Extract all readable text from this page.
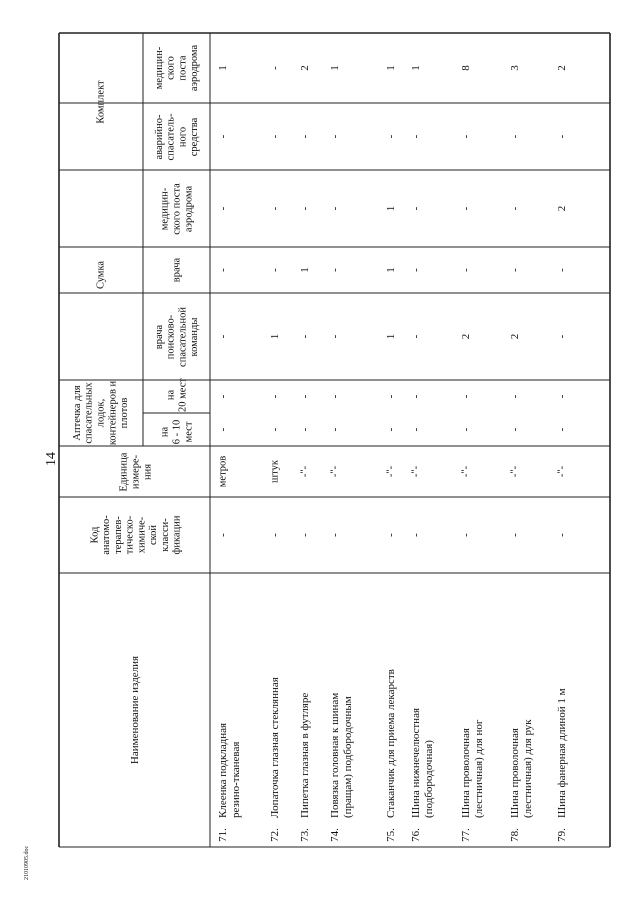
14
21010905.doc
Наименование изделия
Код анатомо- терапев- тическо- химиче- ской класси- фикации
Единица измере- ния
Аптечка для спасательных лодок, контейнеров и плотов
на 6 - 10 мест
на 20 мест
Сумка
врача поисково- спасательной команды
врача
медицин- ского поста аэродрома
Комплект
аварийно- спасатель- ного средства
медицин- ского поста аэродрома
71.
Клеенка подкладная резино-тканевая
-
метров
-
-
-
-
-
-
1
72.
Лопаточка глазная стеклянная
-
штук
-
-
1
-
-
-
-
73.
Пипетка глазная в футляре
-
-"-
-
-
-
1
-
-
2
74.
Повязка головная к шинам (пращам) подбородочным
-
-"-
-
-
-
-
-
-
1
75.
Стаканчик для приема лекарств
-
-"-
-
-
1
1
1
-
1
76.
Шина нижнечелюстная (подбородочная)
-
-"-
-
-
-
-
-
-
1
77.
Шина проволочная (лестничная) для ног
-
-"-
-
-
2
-
-
-
8
78.
Шина проволочная (лестничная) для рук
-
-"-
-
-
2
-
-
-
3
79.
Шина фанерная длиной 1 м
-
-"-
-
-
-
-
2
-
2
